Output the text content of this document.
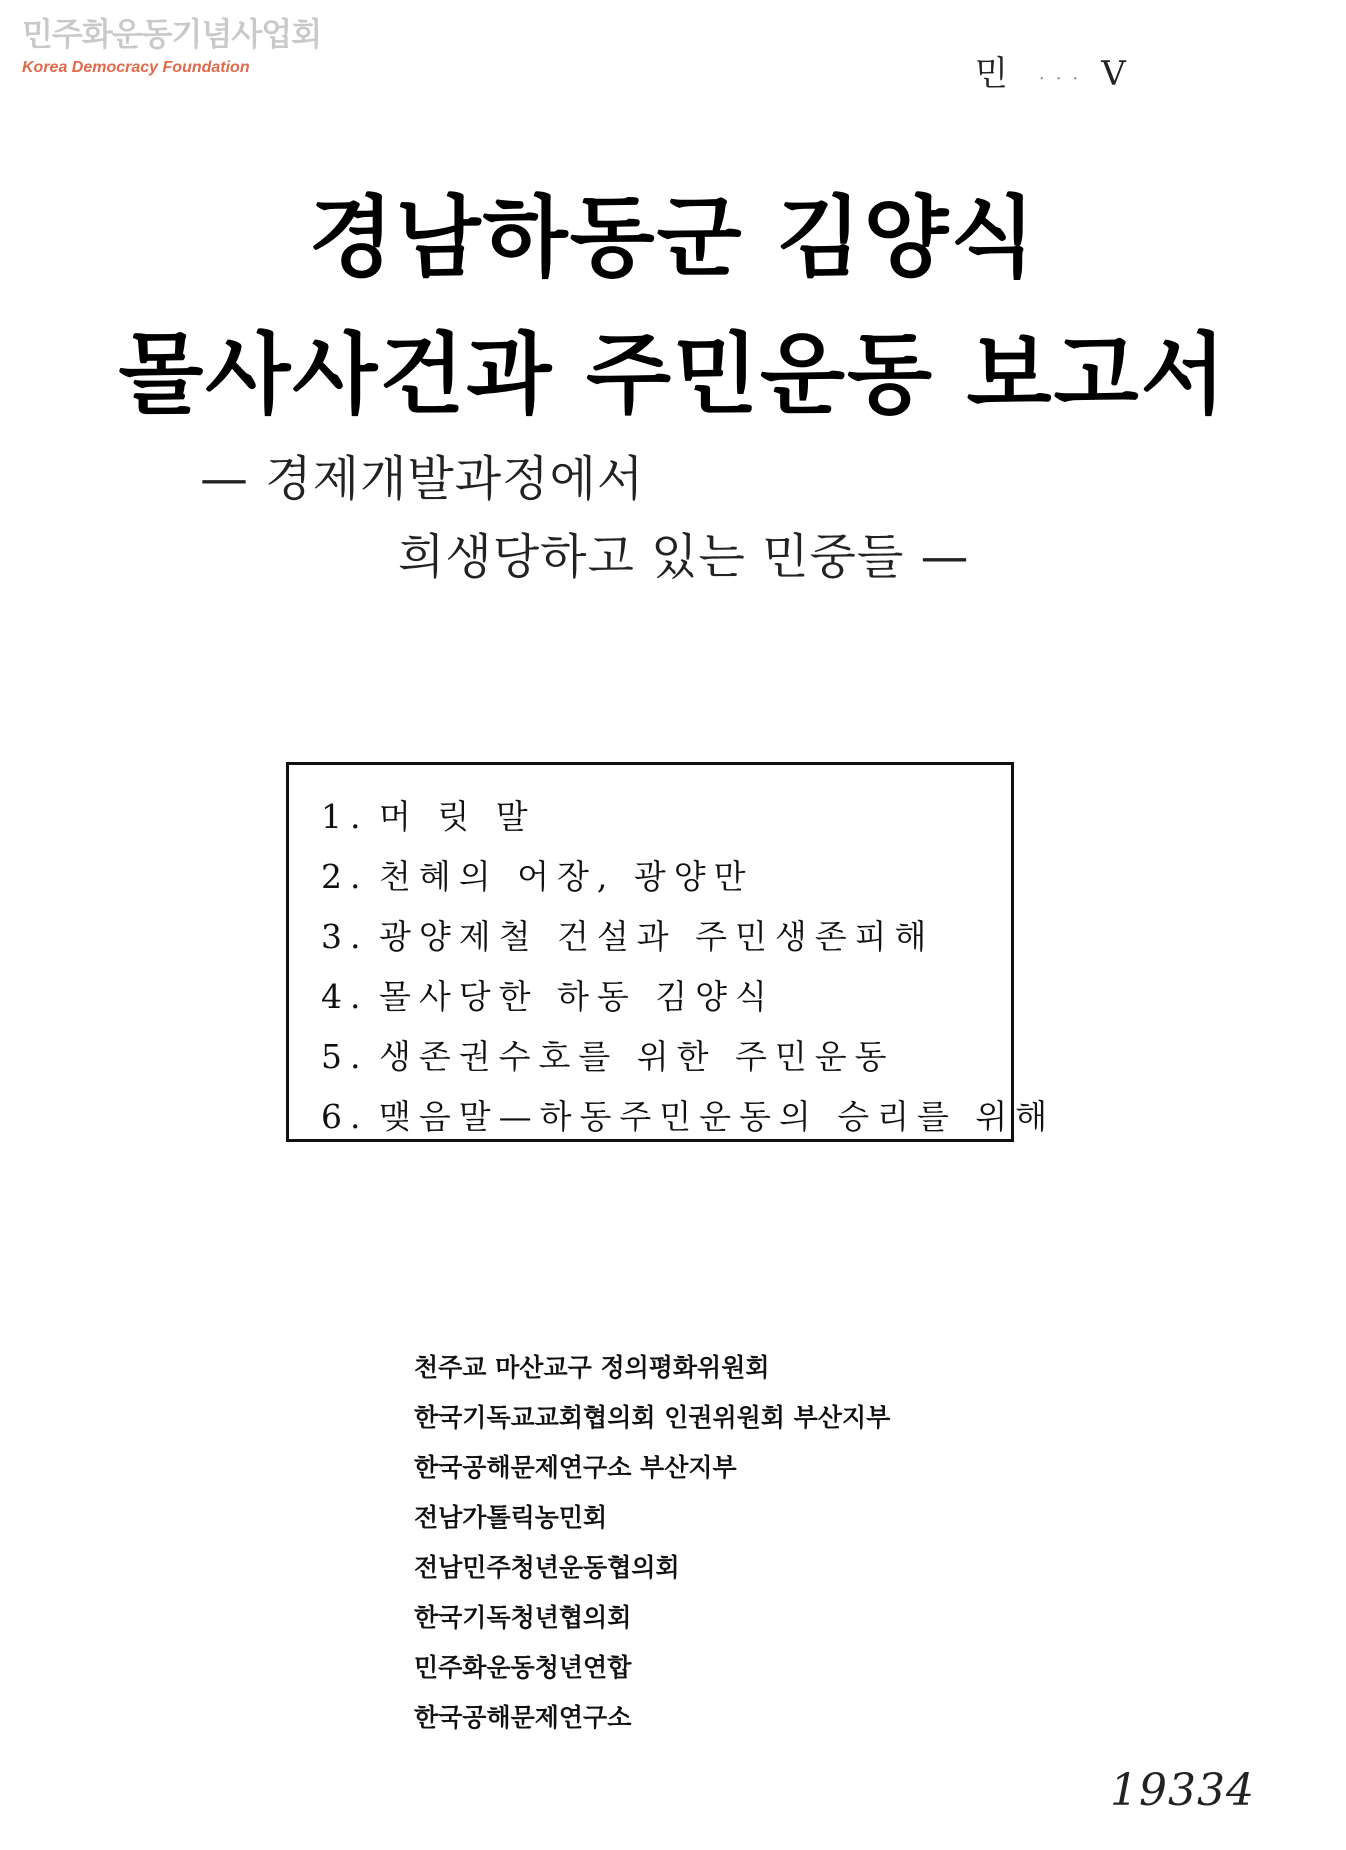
민주화운동기념사업회
Korea Democracy Foundation	민 · · · V
경남하동군 김양식
몰사사건과 주민운동 보고서
— 경제개발과정에서
희생당하고 있는 민중들 —
1. 머 릿 말
2. 천혜의 어장, 광양만
3. 광양제철 건설과 주민생존피해
4. 몰사당한 하동 김양식
5. 생존권수호를 위한 주민운동
6. 맺음말—하동주민운동의 승리를 위해
천주교 마산교구 정의평화위원회
한국기독교교회협의회 인권위원회 부산지부
한국공해문제연구소 부산지부
전남가톨릭농민회
전남민주청년운동협의회
한국기독청년협의회
민주화운동청년연합
한국공해문제연구소
19334
